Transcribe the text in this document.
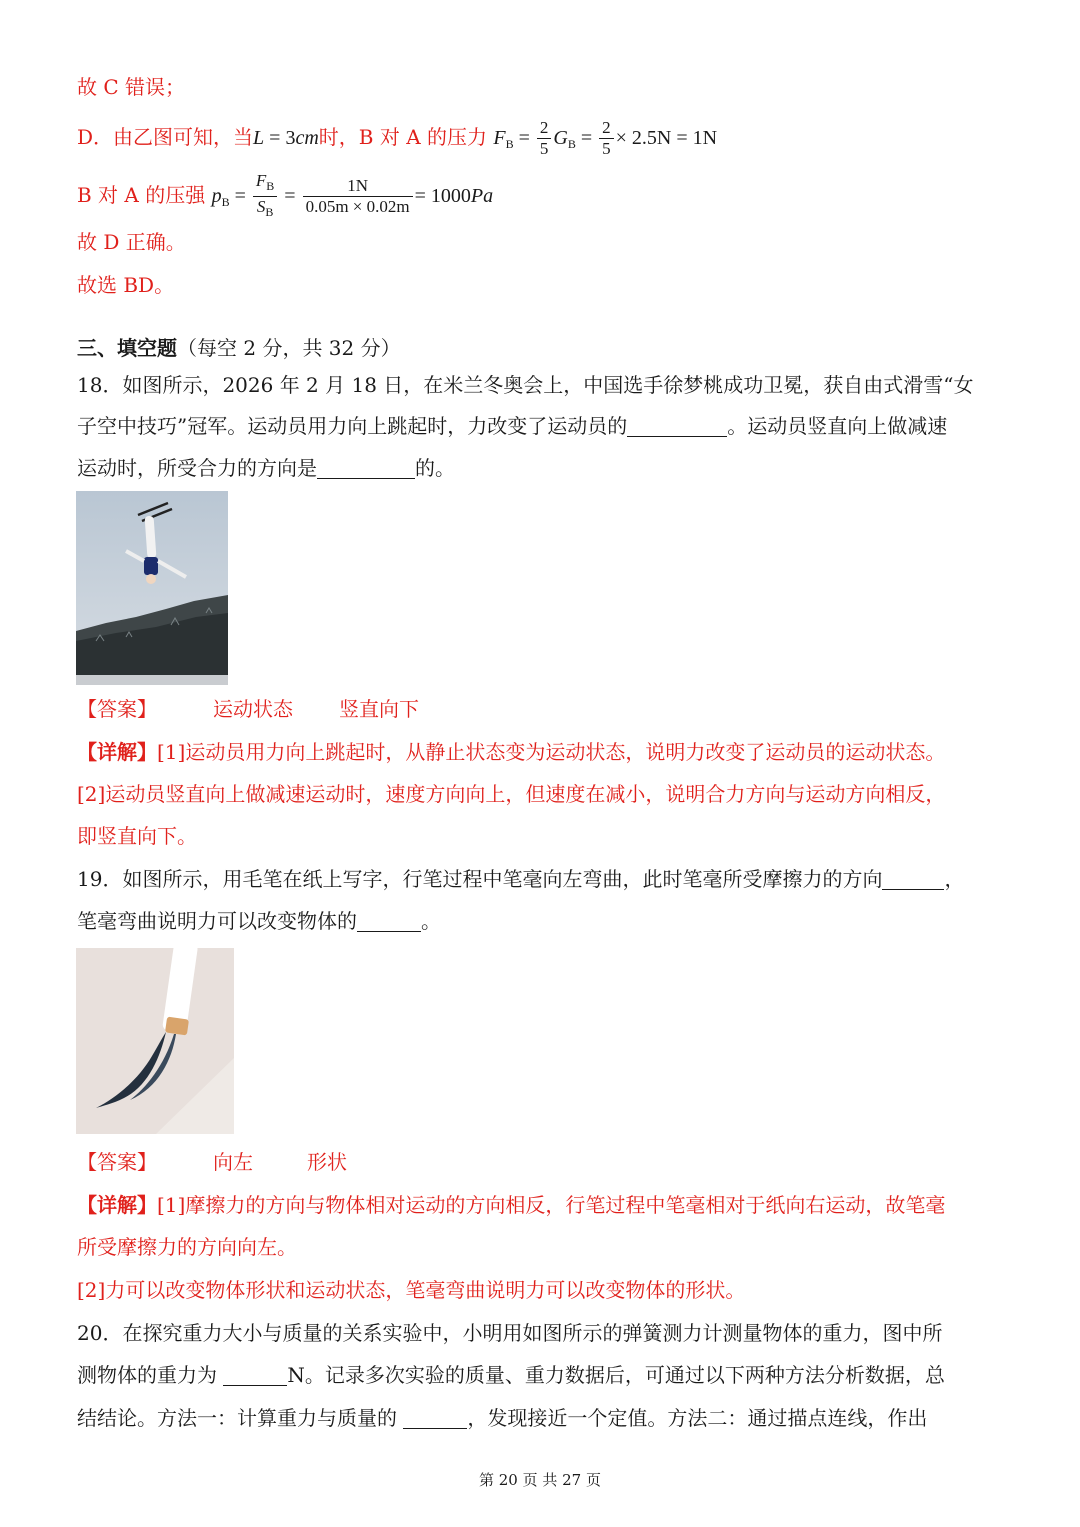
故 C 错误；
D．由乙图可知，当L = 3cm时，B 对 A 的压力 $F_B = \frac{2}{5} G_B = \frac{2}{5} \times 2.5N = 1N$
B 对 A 的压强 $p_B = \frac{F_B}{S_B} = \frac{1N}{0.05m \times 0.02m} = 1000Pa$
故 D 正确。
故选 BD。
三、填空题（每空 2 分，共 32 分）
18．如图所示，2026 年 2 月 18 日，在米兰冬奥会上，中国选手徐梦桃成功卫冕，获自由式滑雪“女
子空中技巧”冠军。运动员用力向上跳起时，力改变了运动员的	。运动员竖直向上做减速
运动时，所受合力的方向是	的。
【答案】	运动状态 竖直向下
【详解】[1]运动员用力向上跳起时，从静止状态变为运动状态，说明力改变了运动员的运动状态。
[2]运动员竖直向上做减速运动时，速度方向向上，但速度在减小，说明合力方向与运动方向相反，
即竖直向下。
19．如图所示，用毛笔在纸上写字，行笔过程中笔毫向左弯曲，此时笔毫所受摩擦力的方向	，
笔毫弯曲说明力可以改变物体的	。
【答案】	向左	形状
【详解】[1]摩擦力的方向与物体相对运动的方向相反，行笔过程中笔毫相对于纸向右运动，故笔毫
所受摩擦力的方向向左。
[2]力可以改变物体形状和运动状态，笔毫弯曲说明力可以改变物体的形状。
20．在探究重力大小与质量的关系实验中，小明用如图所示的弹簧测力计测量物体的重力，图中所
测物体的重力为	N。记录多次实验的质量、重力数据后，可通过以下两种方法分析数据，总
结结论。方法一：计算重力与质量的	，发现接近一个定值。方法二：通过描点连线，作出
第 20 页 共 27 页
